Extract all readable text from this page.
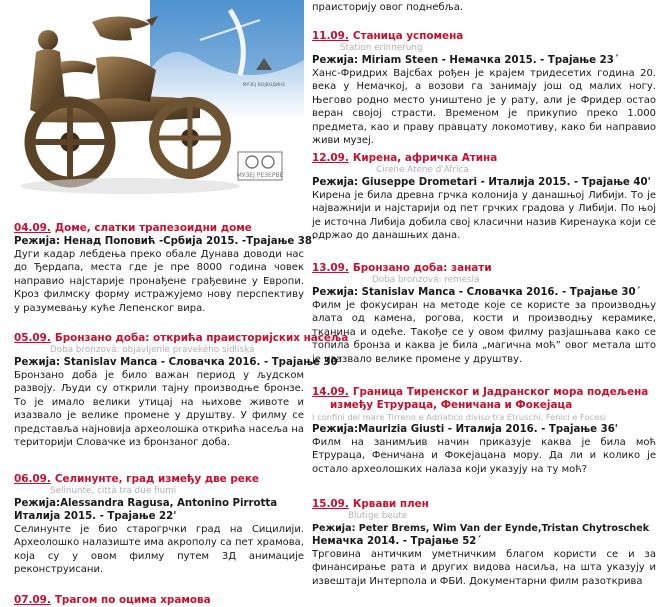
МУЗЕЈ ВОЈВОДИНЕ
МУЗЕЈ РЕЗЕРВЕ
04.09. Доме, слатки трапезоидни доме
Режија: Ненад Поповић -Србија 2015. -Трајање 38'
Дуги кадар лебдења преко обале Дунава доводи нас до Ђердапа, места где је пре 8000 година човек направио најстарије пронађене грађевине у Европи. Кроз филмску форму истражујемо нову перспективу у разумевању куће Лепенског вира.
05.09. Бронзано доба: открића праисторијских насеља
Doba bronzová: objavljenie pravekého sídliská
Режија: Stanislav Manca - Словачка 2016. - Трајање 30´
Бронзано доба је било важан период у људском развоју. Људи су открили тајну производње бронзе. То је имало велики утицај на њихове животе и изазвало је велике промене у друштву. У филму се представља најновија археолошка открића насеља на територији Словачке из бронзаног доба.
06.09. Селинунте, град између две реке
Selinunte, città tra due fiumi
Режија:Alessandra Ragusa, Antonino Pirrotta
Италија 2015. - Трајање 22'
Селинунте је био старогрчки град на Сицилији. Археолошко налазиште има акрополу са пет храмова, која су у овом филму путем 3Д анимације реконструисани.
07.09. Трагом по оцима храмова
праисторију овог поднебља.
11.09. Станица успомена
Station erinnerung
Режија: Miriam Steen - Немачка 2015. - Трајање 23´
Ханс-Фридрих Вајсбах рођен је крајем тридесетих година 20. века у Немачкој, а возови га занимају још од малих ногу. Његово родно место уништено је у рату, али је Фридер остао веран својој страсти. Временом је прикупио преко 1.000 предмета, као и праву правцату локомотиву, како би направио живи музеј.
12.09. Кирена, афричка Атина
Cirene Atene d'Africa
Режија: Giuseppe Drometari - Италија 2015. - Трајање 40'
Кирена је била древна грчка колонија у данашњој Либији. То је најважнији и најстарији од пет грчких градова у Либији. По њој је источна Либија добила свој класични назив Киренаука који се одржао до данашњих дана.
13.09. Бронзано доба: занати
Doba bronzová: remeslá
Режија: Stanislav Manca - Словачка 2016. - Трајање 30´
Филм је фокусиран на методе које се користе за производњу алата од камена, рогова, кости и производњу керамике, тканина и одеће. Такође се у овом филму разјашњава како се топила бронза и каква је била „магична моћ” овог метала што је изазвало велике промене у друштву.
14.09. Граница Тиренског и Јадранског мора подељена
између Етрураца, Феничана и Фокејаца
I confini del mare Tirreno e Adriatico diviso tra Etruschi, Fenici e Focesi
Режија:Maurizia Giusti - Италија 2016. - Трајање 36'
Филм на занимљив начин приказује каква је била моћ Етрураца, Феничана и Фокејацана мору. Да ли и колико је остало археолошких налаза који указују на ту моћ?
15.09. Крвави плен
Blutige beute
Режија: Peter Brems, Wim Van der Eynde,Tristan Chytroschek
Немачка 2014. - Трајање 52´
Трговина античким уметничким благом користи се и за финансирање рата и других видова насиља, на шта указују и извештаји Интерпола и ФБИ. Документарни филм разоткрива
